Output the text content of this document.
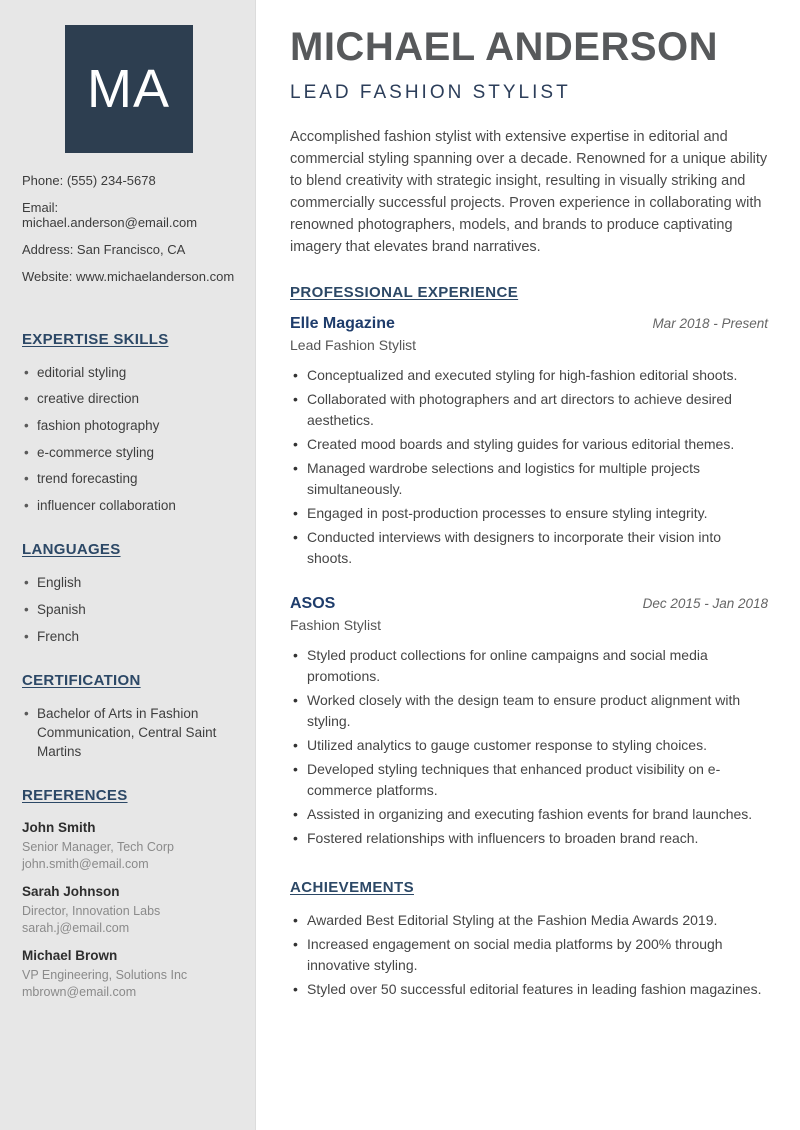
MA
Phone: (555) 234-5678
Email: michael.anderson@email.com
Address: San Francisco, CA
Website: www.michaelanderson.com
EXPERTISE SKILLS
• editorial styling
• creative direction
• fashion photography
• e-commerce styling
• trend forecasting
• influencer collaboration
LANGUAGES
• English
• Spanish
• French
CERTIFICATION
• Bachelor of Arts in Fashion Communication, Central Saint Martins
REFERENCES
John Smith
Senior Manager, Tech Corp
john.smith@email.com
Sarah Johnson
Director, Innovation Labs
sarah.j@email.com
Michael Brown
VP Engineering, Solutions Inc
mbrown@email.com
MICHAEL ANDERSON
LEAD FASHION STYLIST

Accomplished fashion stylist with extensive expertise in editorial and commercial styling spanning over a decade. Renowned for a unique ability to blend creativity with strategic insight, resulting in visually striking and commercially successful projects. Proven experience in collaborating with renowned photographers, models, and brands to produce captivating imagery that elevates brand narratives.

PROFESSIONAL EXPERIENCE
Elle Magazine	Mar 2018 - Present
Lead Fashion Stylist
• Conceptualized and executed styling for high-fashion editorial shoots.
• Collaborated with photographers and art directors to achieve desired aesthetics.
• Created mood boards and styling guides for various editorial themes.
• Managed wardrobe selections and logistics for multiple projects simultaneously.
• Engaged in post-production processes to ensure styling integrity.
• Conducted interviews with designers to incorporate their vision into shoots.
ASOS	Dec 2015 - Jan 2018
Fashion Stylist
• Styled product collections for online campaigns and social media promotions.
• Worked closely with the design team to ensure product alignment with styling.
• Utilized analytics to gauge customer response to styling choices.
• Developed styling techniques that enhanced product visibility on e-commerce platforms.
• Assisted in organizing and executing fashion events for brand launches.
• Fostered relationships with influencers to broaden brand reach.
ACHIEVEMENTS
• Awarded Best Editorial Styling at the Fashion Media Awards 2019.
• Increased engagement on social media platforms by 200% through innovative styling.
• Styled over 50 successful editorial features in leading fashion magazines.
